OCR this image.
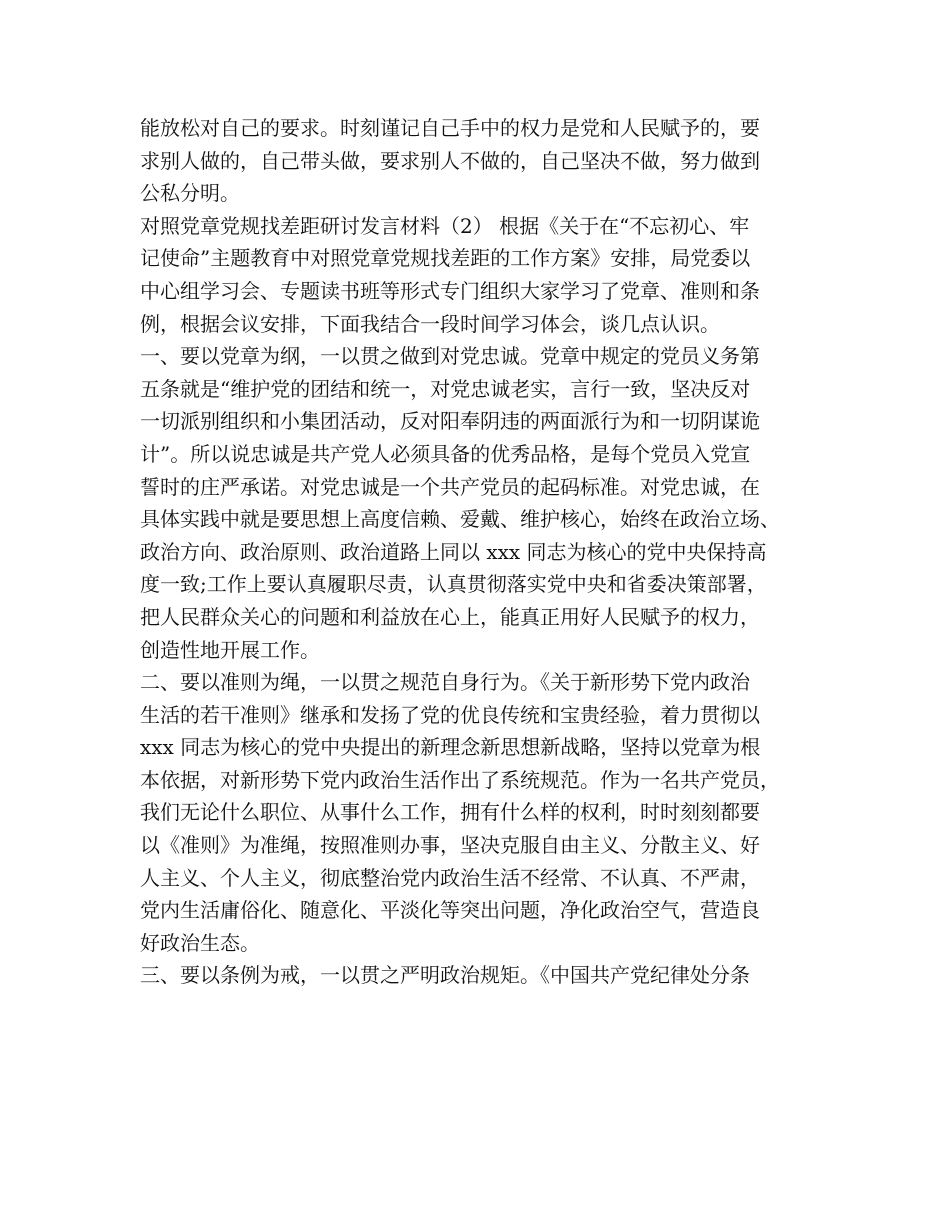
能放松对自己的要求。时刻谨记自己手中的权力是党和人民赋予的，要
求别人做的，自己带头做，要求别人不做的，自己坚决不做，努力做到
公私分明。
对照党章党规找差距研讨发言材料（2） 根据《关于在“不忘初心、牢
记使命”主题教育中对照党章党规找差距的工作方案》安排，局党委以
中心组学习会、专题读书班等形式专门组织大家学习了党章、准则和条
例，根据会议安排，下面我结合一段时间学习体会，谈几点认识。
一、要以党章为纲，一以贯之做到对党忠诚。党章中规定的党员义务第
五条就是“维护党的团结和统一，对党忠诚老实，言行一致，坚决反对
一切派别组织和小集团活动，反对阳奉阴违的两面派行为和一切阴谋诡
计”。所以说忠诚是共产党人必须具备的优秀品格，是每个党员入党宣
誓时的庄严承诺。对党忠诚是一个共产党员的起码标准。对党忠诚，在
具体实践中就是要思想上高度信赖、爱戴、维护核心，始终在政治立场、
政治方向、政治原则、政治道路上同以 xxx 同志为核心的党中央保持高
度一致;工作上要认真履职尽责，认真贯彻落实党中央和省委决策部署，
把人民群众关心的问题和利益放在心上，能真正用好人民赋予的权力，
创造性地开展工作。
二、要以准则为绳，一以贯之规范自身行为。《关于新形势下党内政治
生活的若干准则》继承和发扬了党的优良传统和宝贵经验，着力贯彻以
xxx 同志为核心的党中央提出的新理念新思想新战略，坚持以党章为根
本依据，对新形势下党内政治生活作出了系统规范。作为一名共产党员，
我们无论什么职位、从事什么工作，拥有什么样的权利，时时刻刻都要
以《准则》为准绳，按照准则办事，坚决克服自由主义、分散主义、好
人主义、个人主义，彻底整治党内政治生活不经常、不认真、不严肃，
党内生活庸俗化、随意化、平淡化等突出问题，净化政治空气，营造良
好政治生态。
三、要以条例为戒，一以贯之严明政治规矩。《中国共产党纪律处分条
